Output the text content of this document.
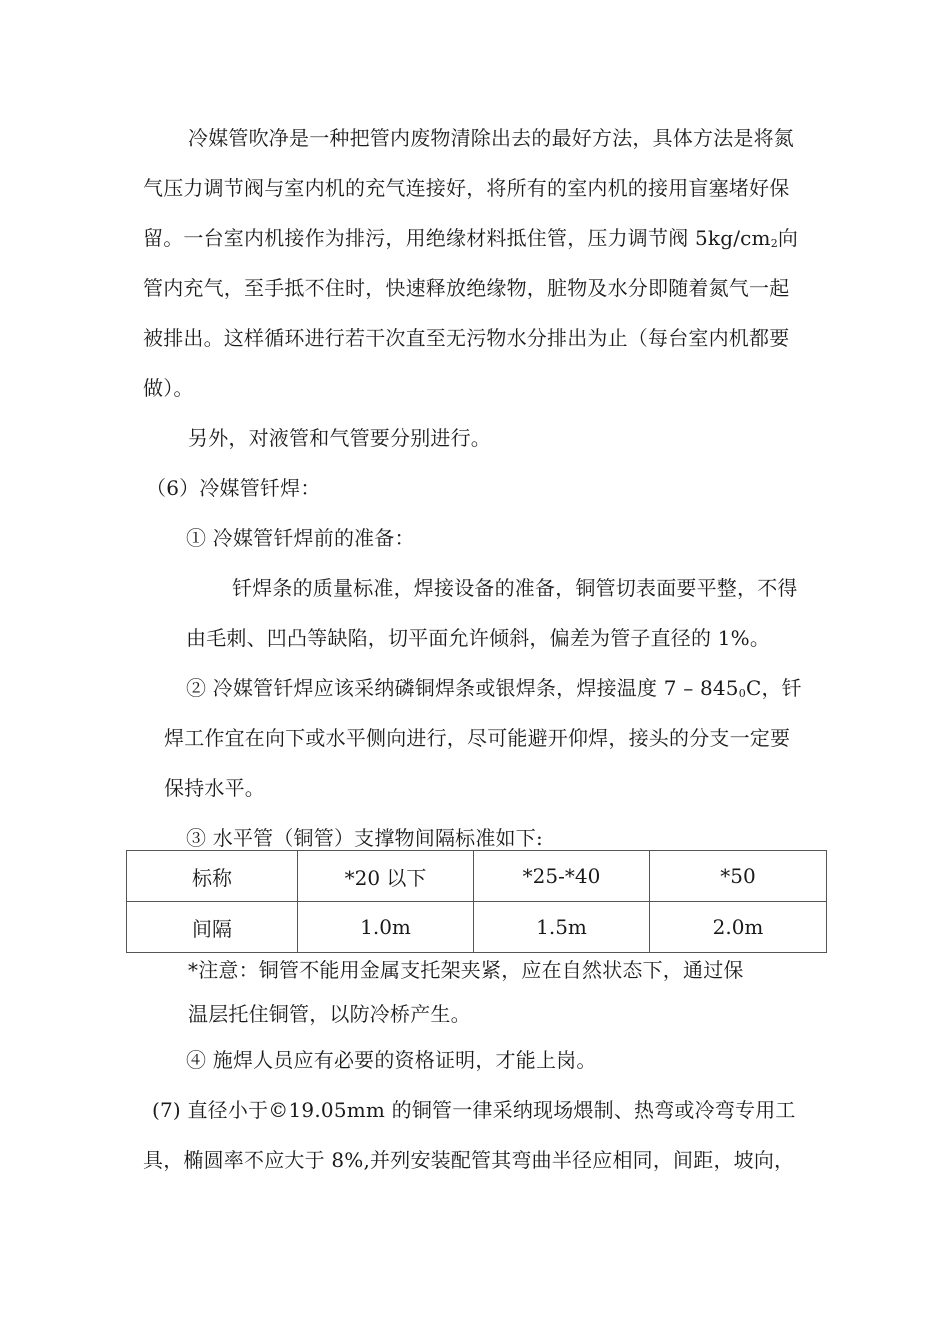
冷媒管吹净是一种把管内废物清除出去的最好方法，具体方法是将氮

气压力调节阀与室内机的充气连接好，将所有的室内机的接用盲塞堵好保

留。一台室内机接作为排污，用绝缘材料抵住管，压力调节阀 $5kg/cm_2$向

管内充气，至手抵不住时，快速释放绝缘物，脏物及水分即随着氮气一起

被排出。这样循环进行若干次直至无污物水分排出为止（每台室内机都要

做）。

另外，对液管和气管要分别进行。

（6）冷媒管钎焊：

① 冷媒管钎焊前的准备：

钎焊条的质量标准，焊接设备的准备，铜管切表面要平整，不得

由毛刺、凹凸等缺陷，切平面允许倾斜，偏差为管子直径的 1%。

② 冷媒管钎焊应该采纳磷铜焊条或银焊条，焊接温度 $7 - 845_0C$，钎

焊工作宜在向下或水平侧向进行，尽可能避开仰焊，接头的分支一定要

保持水平。

③ 水平管（铜管）支撑物间隔标准如下:

标称	*20 以下	*25-*40	*50
间隔	1.0m	1.5m	2.0m

*注意：铜管不能用金属支托架夹紧，应在自然状态下，通过保

温层托住铜管，以防冷桥产生。

④ 施焊人员应有必要的资格证明，才能上岗。

(7) 直径小于©19.05mm 的铜管一律采纳现场煨制、热弯或冷弯专用工

具，椭圆率不应大于 8%,并列安装配管其弯曲半径应相同，间距，坡向，
